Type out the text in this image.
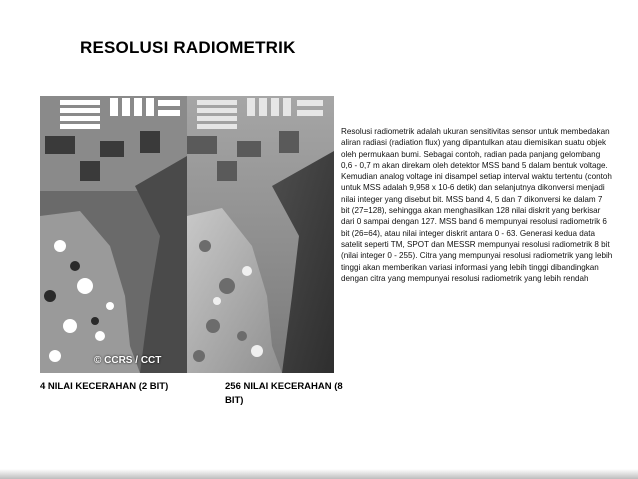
RESOLUSI RADIOMETRIK
© CCRS / CCT
Resolusi radiometrik adalah ukuran sensitivitas sensor untuk membedakan aliran radiasi (radiation flux) yang dipantulkan atau diemisikan suatu objek oleh permukaan bumi. Sebagai contoh, radian pada panjang gelombang 0,6 - 0,7 m akan direkam oleh detektor MSS band 5 dalam bentuk voltage. Kemudian analog voltage ini disampel setiap interval waktu tertentu (contoh untuk MSS adalah 9,958 x 10-6 detik) dan selanjutnya dikonversi menjadi nilai integer yang disebut bit. MSS band 4, 5 dan 7 dikonversi ke dalam 7 bit (27=128), sehingga akan menghasilkan 128 nilai diskrit yang berkisar dari 0 sampai dengan 127. MSS band 6 mempunyai resolusi radiometrik 6 bit (26=64), atau nilai integer diskrit antara 0 - 63. Generasi kedua data satelit seperti TM, SPOT dan MESSR mempunyai resolusi radiometrik 8 bit (nilai integer 0 - 255). Citra yang mempunyai resolusi radiometrik yang lebih tinggi akan memberikan variasi informasi yang lebih tinggi dibandingkan dengan citra yang mempunyai resolusi radiometrik yang lebih rendah
4 NILAI KECERAHAN (2 BIT)	256 NILAI KECERAHAN (8 BIT)
